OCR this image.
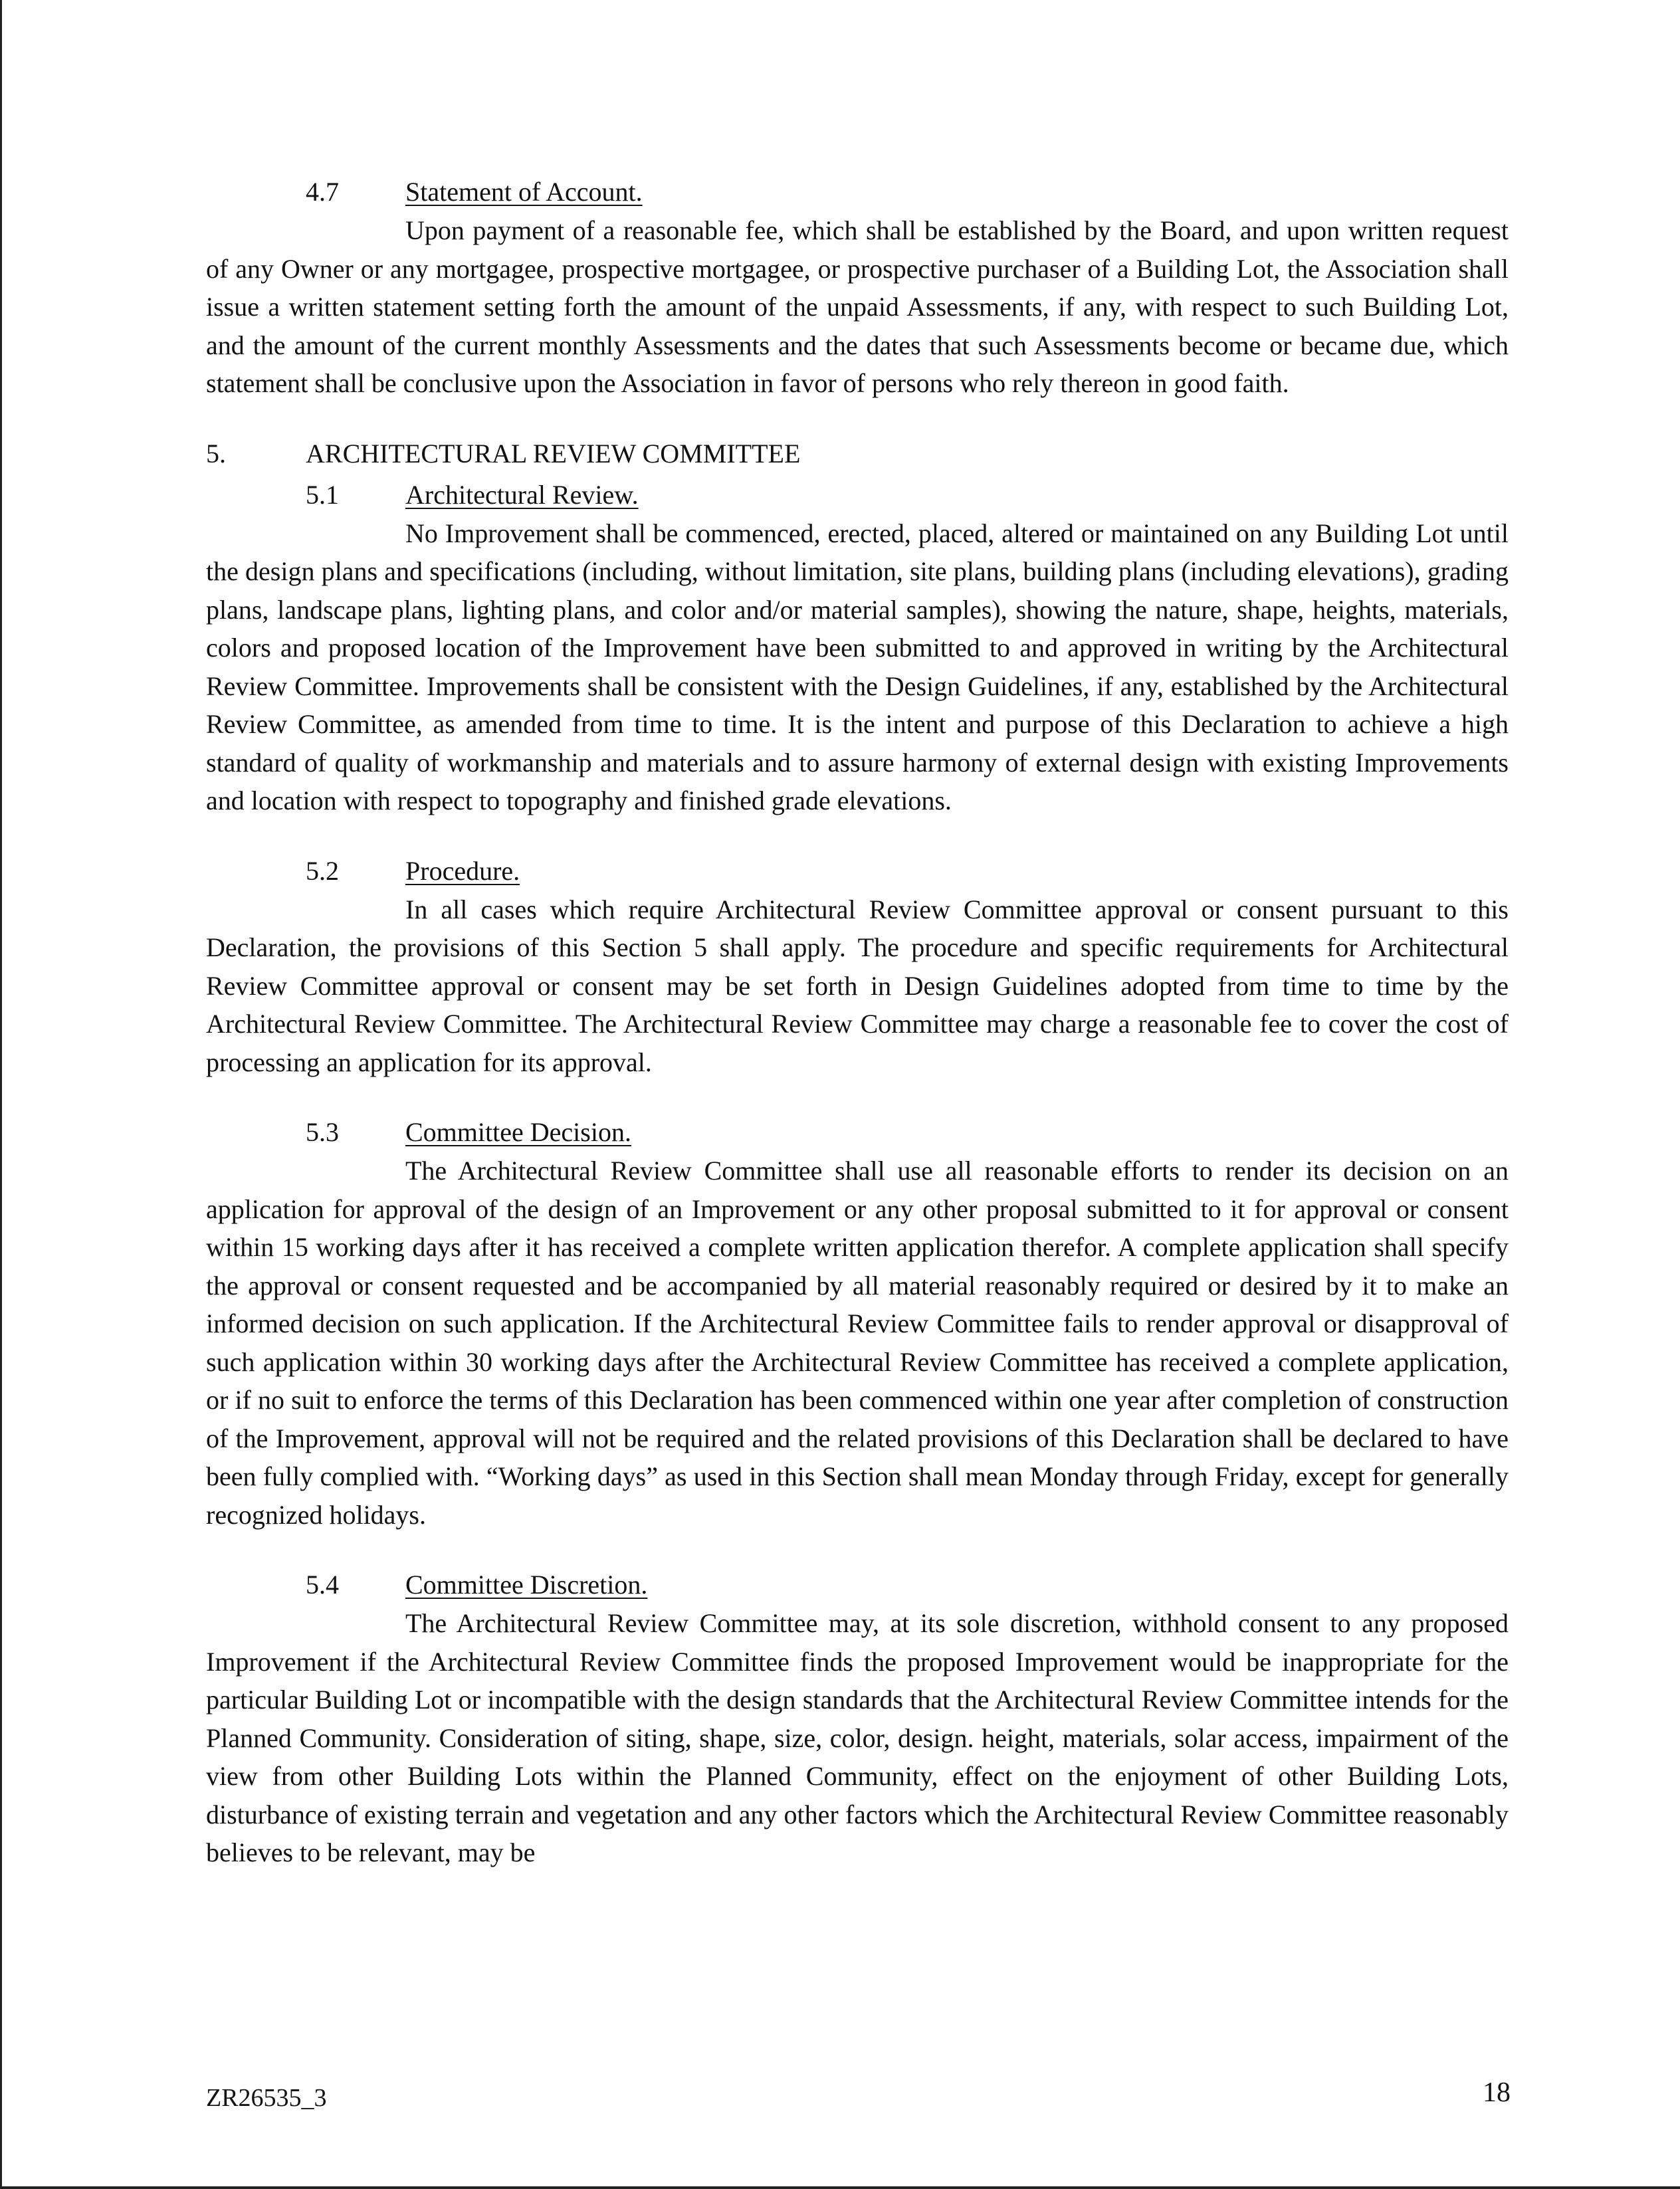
4.7	Statement of Account.

Upon payment of a reasonable fee, which shall be established by the Board, and upon written request of any Owner or any mortgagee, prospective mortgagee, or prospective purchaser of a Building Lot, the Association shall issue a written statement setting forth the amount of the unpaid Assessments, if any, with respect to such Building Lot, and the amount of the current monthly Assessments and the dates that such Assessments become or became due, which statement shall be conclusive upon the Association in favor of persons who rely thereon in good faith.

5.	ARCHITECTURAL REVIEW COMMITTEE
5.1	Architectural Review.

No Improvement shall be commenced, erected, placed, altered or maintained on any Building Lot until the design plans and specifications (including, without limitation, site plans, building plans (including elevations), grading plans, landscape plans, lighting plans, and color and/or material samples), showing the nature, shape, heights, materials, colors and proposed location of the Improvement have been submitted to and approved in writing by the Architectural Review Committee. Improvements shall be consistent with the Design Guidelines, if any, established by the Architectural Review Committee, as amended from time to time. It is the intent and purpose of this Declaration to achieve a high standard of quality of workmanship and materials and to assure harmony of external design with existing Improvements and location with respect to topography and finished grade elevations.

5.2	Procedure.

In all cases which require Architectural Review Committee approval or consent pursuant to this Declaration, the provisions of this Section 5 shall apply. The procedure and specific requirements for Architectural Review Committee approval or consent may be set forth in Design Guidelines adopted from time to time by the Architectural Review Committee. The Architectural Review Committee may charge a reasonable fee to cover the cost of processing an application for its approval.

5.3	Committee Decision.

The Architectural Review Committee shall use all reasonable efforts to render its decision on an application for approval of the design of an Improvement or any other proposal submitted to it for approval or consent within 15 working days after it has received a complete written application therefor. A complete application shall specify the approval or consent requested and be accompanied by all material reasonably required or desired by it to make an informed decision on such application. If the Architectural Review Committee fails to render approval or disapproval of such application within 30 working days after the Architectural Review Committee has received a complete application, or if no suit to enforce the terms of this Declaration has been commenced within one year after completion of construction of the Improvement, approval will not be required and the related provisions of this Declaration shall be declared to have been fully complied with. “Working days” as used in this Section shall mean Monday through Friday, except for generally recognized holidays.

5.4	Committee Discretion.

The Architectural Review Committee may, at its sole discretion, withhold consent to any proposed Improvement if the Architectural Review Committee finds the proposed Improvement would be inappropriate for the particular Building Lot or incompatible with the design standards that the Architectural Review Committee intends for the Planned Community. Consideration of siting, shape, size, color, design. height, materials, solar access, impairment of the view from other Building Lots within the Planned Community, effect on the enjoyment of other Building Lots, disturbance of existing terrain and vegetation and any other factors which the Architectural Review Committee reasonably believes to be relevant, may be

ZR26535_3	18
